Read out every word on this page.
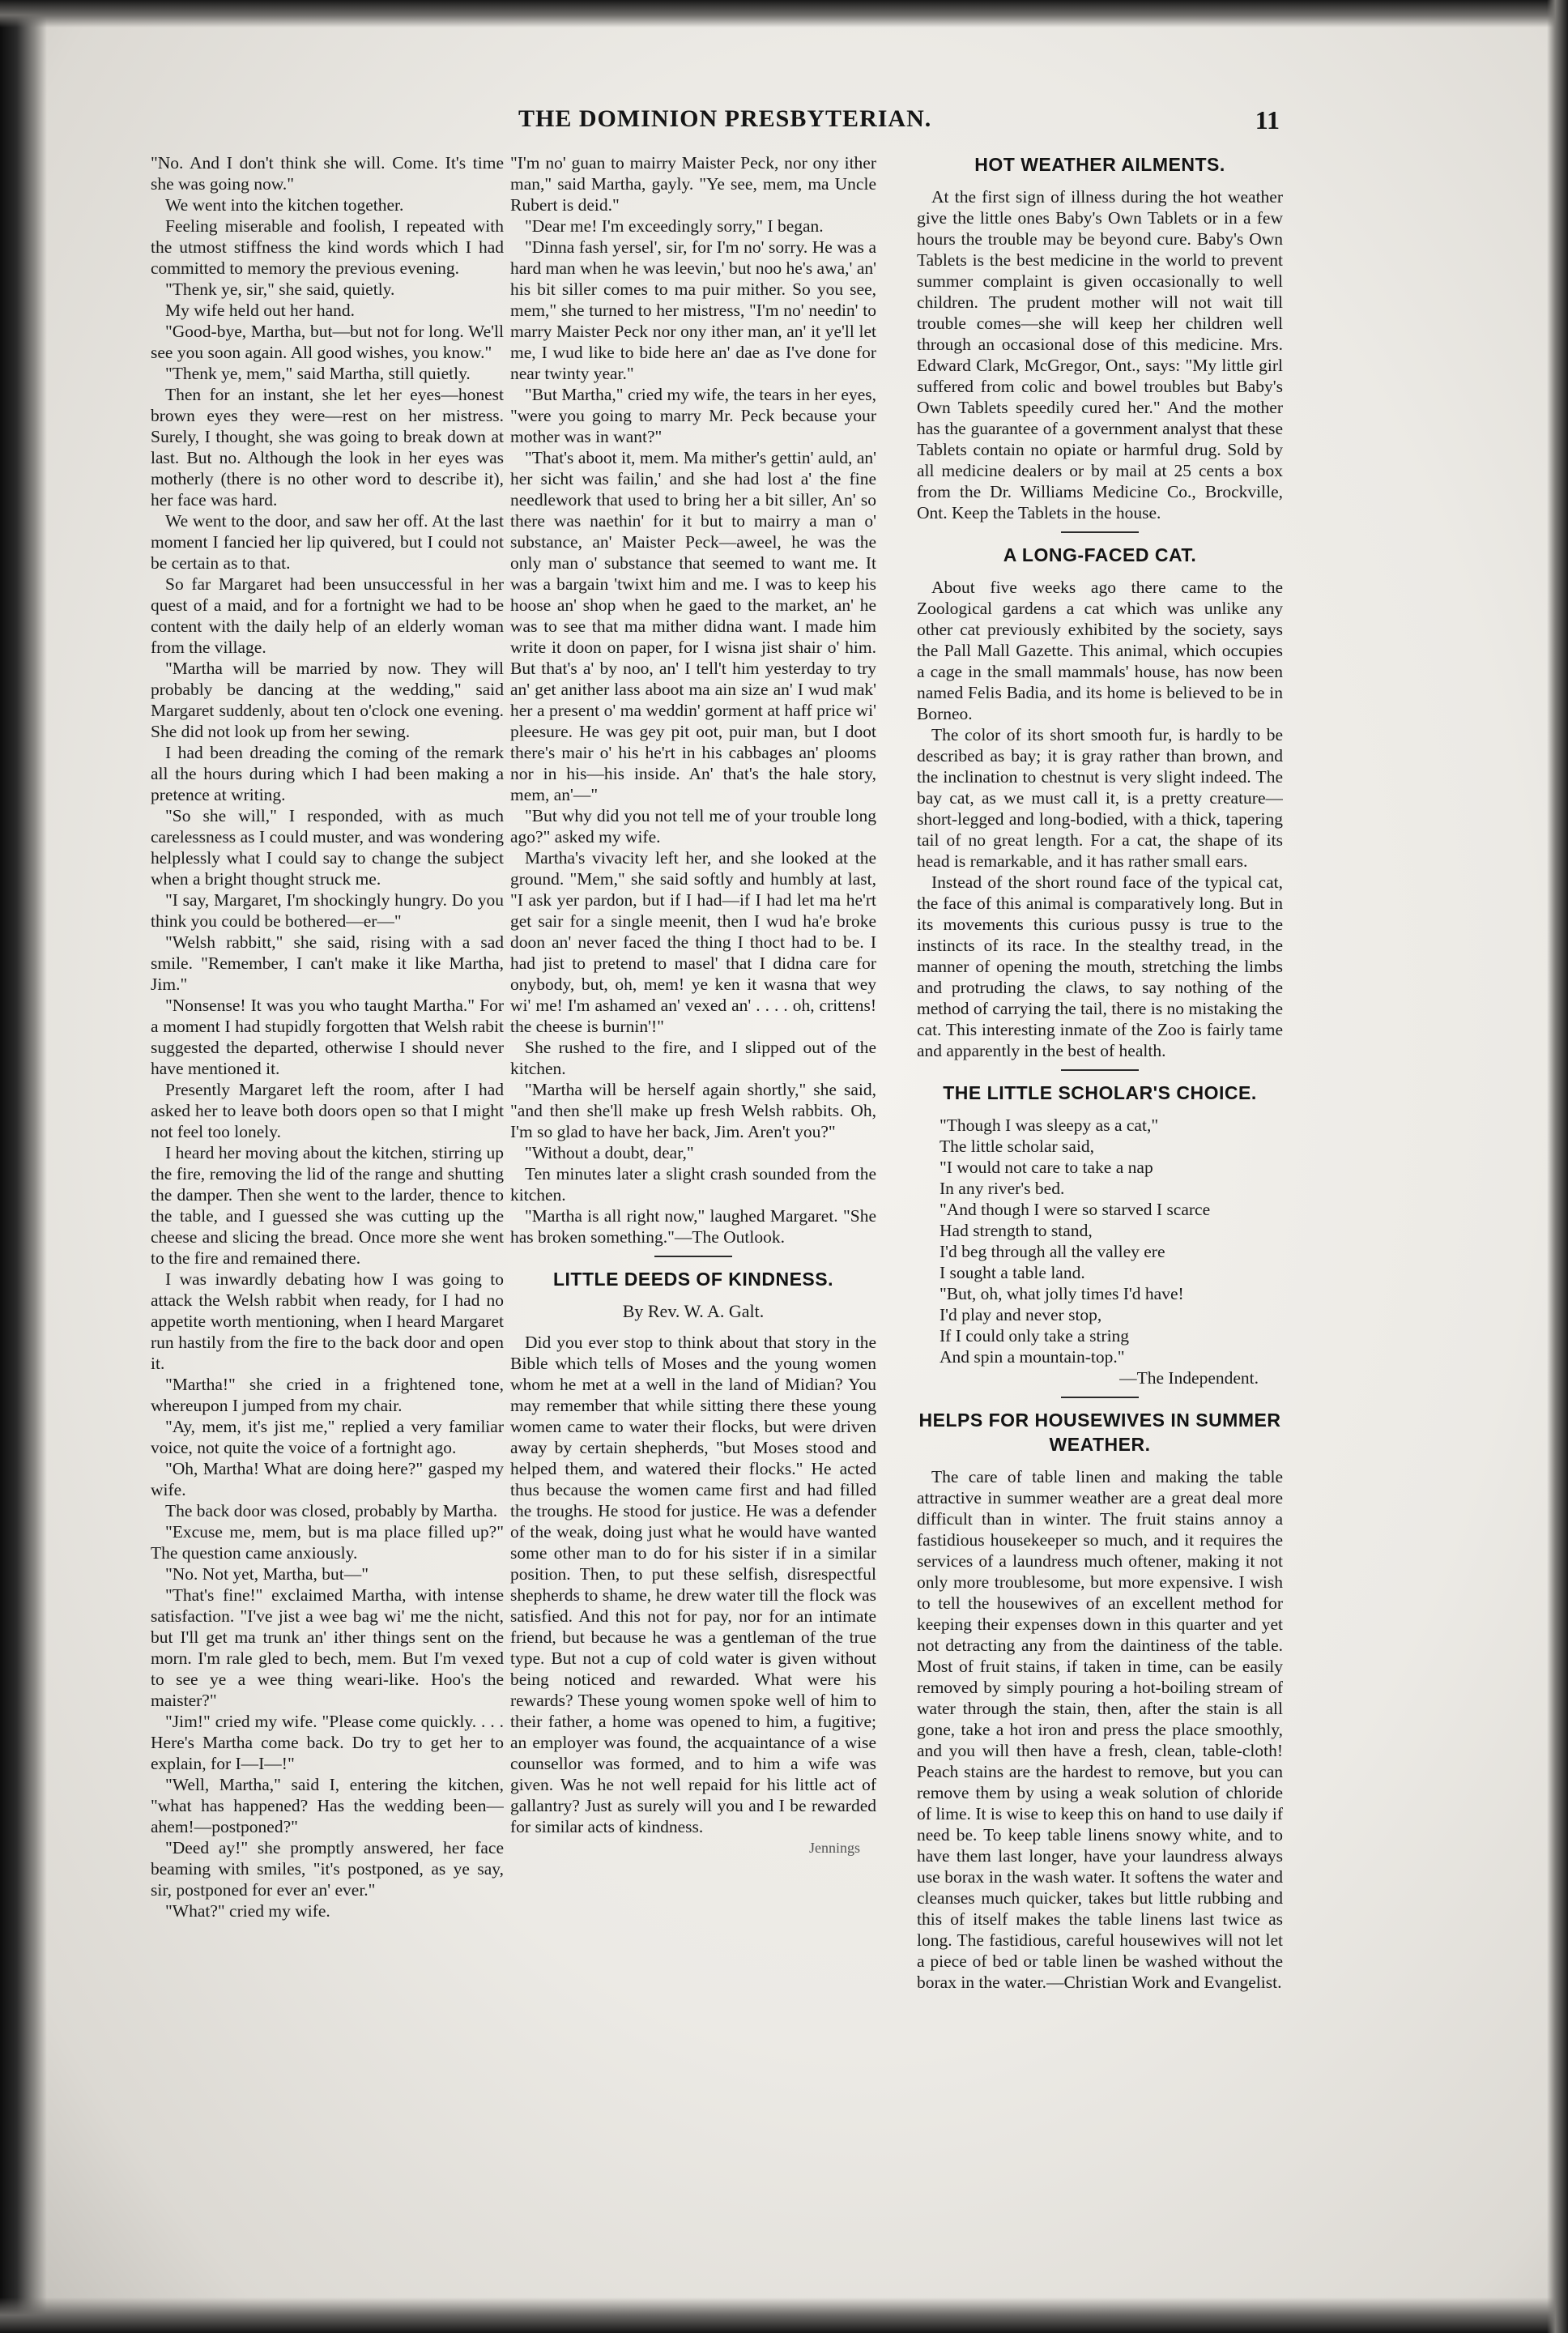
THE DOMINION PRESBYTERIAN.	11

"No. And I don't think she will. Come. It's time she was going now."

We went into the kitchen together.

Feeling miserable and foolish, I repeated with the utmost stiffness the kind words which I had committed to memory the previous evening.

"Thenk ye, sir," she said, quietly.

My wife held out her hand.

"Good-bye, Martha, but—but not for long. We'll see you soon again. All good wishes, you know."

"Thenk ye, mem," said Martha, still quietly.

Then for an instant, she let her eyes—honest brown eyes they were—rest on her mistress. Surely, I thought, she was going to break down at last. But no. Although the look in her eyes was motherly (there is no other word to describe it), her face was hard.

We went to the door, and saw her off. At the last moment I fancied her lip quivered, but I could not be certain as to that.

So far Margaret had been unsuccessful in her quest of a maid, and for a fortnight we had to be content with the daily help of an elderly woman from the village.

"Martha will be married by now. They will probably be dancing at the wedding," said Margaret suddenly, about ten o'clock one evening. She did not look up from her sewing.

I had been dreading the coming of the remark all the hours during which I had been making a pretence at writing.

"So she will," I responded, with as much carelessness as I could muster, and was wondering helplessly what I could say to change the subject when a bright thought struck me.

"I say, Margaret, I'm shockingly hungry. Do you think you could be bothered—er—"

"Welsh rabbitt," she said, rising with a sad smile. "Remember, I can't make it like Martha, Jim."

"Nonsense! It was you who taught Martha." For a moment I had stupidly forgotten that Welsh rabit suggested the departed, otherwise I should never have mentioned it.

Presently Margaret left the room, after I had asked her to leave both doors open so that I might not feel too lonely.

I heard her moving about the kitchen, stirring up the fire, removing the lid of the range and shutting the damper. Then she went to the larder, thence to the table, and I guessed she was cutting up the cheese and slicing the bread. Once more she went to the fire and remained there.

I was inwardly debating how I was going to attack the Welsh rabbit when ready, for I had no appetite worth mentioning, when I heard Margaret run hastily from the fire to the back door and open it.

"Martha!" she cried in a frightened tone, whereupon I jumped from my chair.

"Ay, mem, it's jist me," replied a very familiar voice, not quite the voice of a fortnight ago.

"Oh, Martha! What are doing here?" gasped my wife.

The back door was closed, probably by Martha.

"Excuse me, mem, but is ma place filled up?" The question came anxiously.

"No. Not yet, Martha, but—"

"That's fine!" exclaimed Martha, with intense satisfaction. "I've jist a wee bag wi' me the nicht, but I'll get ma trunk an' ither things sent on the morn. I'm rale gled to bech, mem. But I'm vexed to see ye a wee thing weari-like. Hoo's the maister?"

"Jim!" cried my wife. "Please come quickly. . . . Here's Martha come back. Do try to get her to explain, for I—I—!"

"Well, Martha," said I, entering the kitchen, "what has happened? Has the wedding been—ahem!—postponed?"

"Deed ay!" she promptly answered, her face beaming with smiles, "it's postponed, as ye say, sir, postponed for ever an' ever."

"What?" cried my wife.

"I'm no' guan to mairry Maister Peck, nor ony ither man," said Martha, gayly. "Ye see, mem, ma Uncle Rubert is deid."

"Dear me! I'm exceedingly sorry," I began.

"Dinna fash yersel', sir, for I'm no' sorry. He was a hard man when he was leevin,' but noo he's awa,' an' his bit siller comes to ma puir mither. So you see, mem," she turned to her mistress, "I'm no' needin' to marry Maister Peck nor ony ither man, an' it ye'll let me, I wud like to bide here an' dae as I've done for near twinty year."

"But Martha," cried my wife, the tears in her eyes, "were you going to marry Mr. Peck because your mother was in want?"

"That's aboot it, mem. Ma mither's gettin' auld, an' her sicht was failin,' and she had lost a' the fine needlework that used to bring her a bit siller, An' so there was naethin' for it but to mairry a man o' substance, an' Maister Peck—aweel, he was the only man o' substance that seemed to want me. It was a bargain 'twixt him and me. I was to keep his hoose an' shop when he gaed to the market, an' he was to see that ma mither didna want. I made him write it doon on paper, for I wisna jist shair o' him. But that's a' by noo, an' I tell't him yesterday to try an' get anither lass aboot ma ain size an' I wud mak' her a present o' ma weddin' gorment at haff price wi' pleesure. He was gey pit oot, puir man, but I doot there's mair o' his he'rt in his cabbages an' plooms nor in his—his inside. An' that's the hale story, mem, an'—"

"But why did you not tell me of your trouble long ago?" asked my wife.

Martha's vivacity left her, and she looked at the ground. "Mem," she said softly and humbly at last, "I ask yer pardon, but if I had—if I had let ma he'rt get sair for a single meenit, then I wud ha'e broke doon an' never faced the thing I thoct had to be. I had jist to pretend to masel' that I didna care for onybody, but, oh, mem! ye ken it wasna that wey wi' me! I'm ashamed an' vexed an' . . . . oh, crittens! the cheese is burnin'!"

She rushed to the fire, and I slipped out of the kitchen.

"Martha will be herself again shortly," she said, "and then she'll make up fresh Welsh rabbits. Oh, I'm so glad to have her back, Jim. Aren't you?"

"Without a doubt, dear,"

Ten minutes later a slight crash sounded from the kitchen.

"Martha is all right now," laughed Margaret. "She has broken something."—The Outlook.

LITTLE DEEDS OF KINDNESS.
By Rev. W. A. Galt.

Did you ever stop to think about that story in the Bible which tells of Moses and the young women whom he met at a well in the land of Midian? You may remember that while sitting there these young women came to water their flocks, but were driven away by certain shepherds, "but Moses stood and helped them, and watered their flocks." He acted thus because the women came first and had filled the troughs. He stood for justice. He was a defender of the weak, doing just what he would have wanted some other man to do for his sister if in a similar position. Then, to put these selfish, disrespectful shepherds to shame, he drew water till the flock was satisfied. And this not for pay, nor for an intimate friend, but because he was a gentleman of the true type. But not a cup of cold water is given without being noticed and rewarded. What were his rewards? These young women spoke well of him to their father, a home was opened to him, a fugitive; an employer was found, the acquaintance of a wise counsellor was formed, and to him a wife was given. Was he not well repaid for his little act of gallantry? Just as surely will you and I be rewarded for similar acts of kindness.

Jennings
HOT WEATHER AILMENTS.

At the first sign of illness during the hot weather give the little ones Baby's Own Tablets or in a few hours the trouble may be beyond cure. Baby's Own Tablets is the best medicine in the world to prevent summer complaint is given occasionally to well children. The prudent mother will not wait till trouble comes—she will keep her children well through an occasional dose of this medicine. Mrs. Edward Clark, McGregor, Ont., says: "My little girl suffered from colic and bowel troubles but Baby's Own Tablets speedily cured her." And the mother has the guarantee of a government analyst that these Tablets contain no opiate or harmful drug. Sold by all medicine dealers or by mail at 25 cents a box from the Dr. Williams Medicine Co., Brockville, Ont. Keep the Tablets in the house.

A LONG-FACED CAT.

About five weeks ago there came to the Zoological gardens a cat which was unlike any other cat previously exhibited by the society, says the Pall Mall Gazette. This animal, which occupies a cage in the small mammals' house, has now been named Felis Badia, and its home is believed to be in Borneo.

The color of its short smooth fur, is hardly to be described as bay; it is gray rather than brown, and the inclination to chestnut is very slight indeed. The bay cat, as we must call it, is a pretty creature—short-legged and long-bodied, with a thick, tapering tail of no great length. For a cat, the shape of its head is remarkable, and it has rather small ears.

Instead of the short round face of the typical cat, the face of this animal is comparatively long. But in its movements this curious pussy is true to the instincts of its race. In the stealthy tread, in the manner of opening the mouth, stretching the limbs and protruding the claws, to say nothing of the method of carrying the tail, there is no mistaking the cat. This interesting inmate of the Zoo is fairly tame and apparently in the best of health.

THE LITTLE SCHOLAR'S CHOICE.

"Though I was sleepy as a cat,"

The little scholar said,

"I would not care to take a nap

In any river's bed.

"And though I were so starved I scarce

Had strength to stand,

I'd beg through all the valley ere

I sought a table land.

"But, oh, what jolly times I'd have!

I'd play and never stop,

If I could only take a string

And spin a mountain-top."

—The Independent.

HELPS FOR HOUSEWIVES IN SUMMER WEATHER.

The care of table linen and making the table attractive in summer weather are a great deal more difficult than in winter. The fruit stains annoy a fastidious housekeeper so much, and it requires the services of a laundress much oftener, making it not only more troublesome, but more expensive. I wish to tell the housewives of an excellent method for keeping their expenses down in this quarter and yet not detracting any from the daintiness of the table. Most of fruit stains, if taken in time, can be easily removed by simply pouring a hot-boiling stream of water through the stain, then, after the stain is all gone, take a hot iron and press the place smoothly, and you will then have a fresh, clean, table-cloth! Peach stains are the hardest to remove, but you can remove them by using a weak solution of chloride of lime. It is wise to keep this on hand to use daily if need be. To keep table linens snowy white, and to have them last longer, have your laundress always use borax in the wash water. It softens the water and cleanses much quicker, takes but little rubbing and this of itself makes the table linens last twice as long. The fastidious, careful housewives will not let a piece of bed or table linen be washed without the borax in the water.—Christian Work and Evangelist.
